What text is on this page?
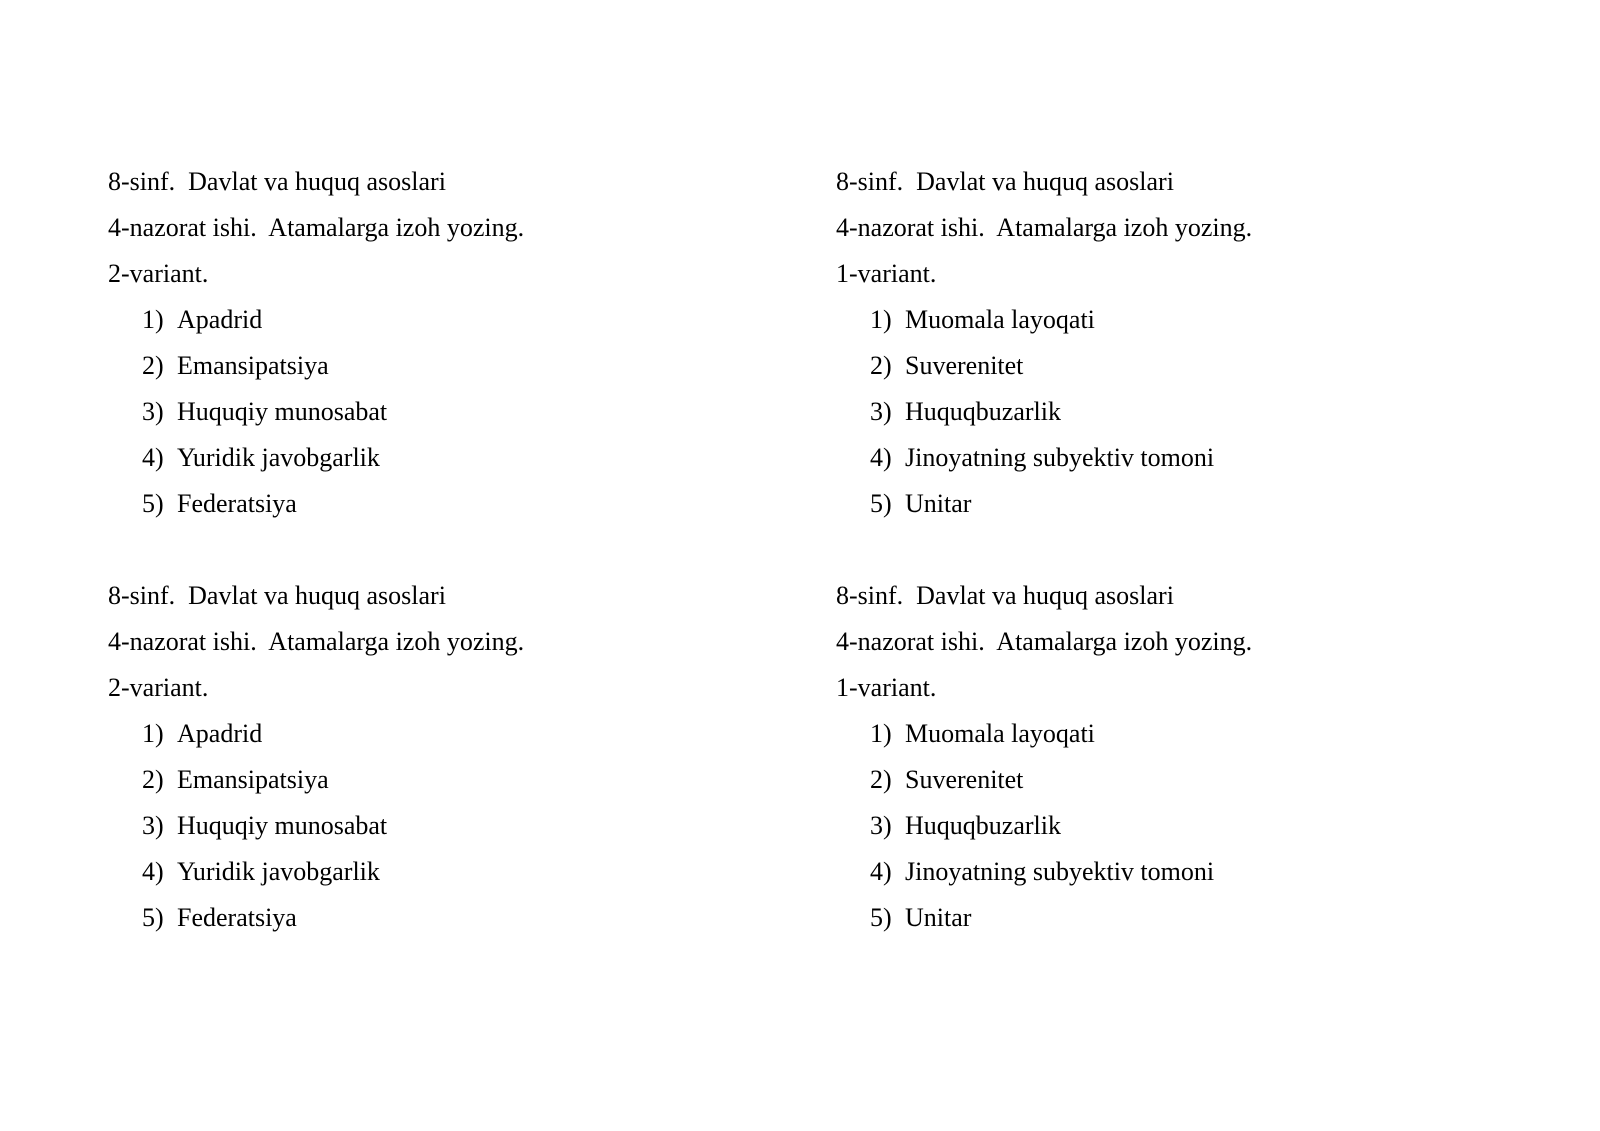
8-sinf.  Davlat va huquq asoslari
4-nazorat ishi.  Atamalarga izoh yozing.
2-variant.
1) Apadrid
2) Emansipatsiya
3) Huquqiy munosabat
4) Yuridik javobgarlik
5) Federatsiya
8-sinf.  Davlat va huquq asoslari
4-nazorat ishi.  Atamalarga izoh yozing.
1-variant.
1) Muomala layoqati
2) Suverenitet
3) Huquqbuzarlik
4) Jinoyatning subyektiv tomoni
5) Unitar
8-sinf.  Davlat va huquq asoslari
4-nazorat ishi.  Atamalarga izoh yozing.
2-variant.
1) Apadrid
2) Emansipatsiya
3) Huquqiy munosabat
4) Yuridik javobgarlik
5) Federatsiya
8-sinf.  Davlat va huquq asoslari
4-nazorat ishi.  Atamalarga izoh yozing.
1-variant.
1) Muomala layoqati
2) Suverenitet
3) Huquqbuzarlik
4) Jinoyatning subyektiv tomoni
5) Unitar
